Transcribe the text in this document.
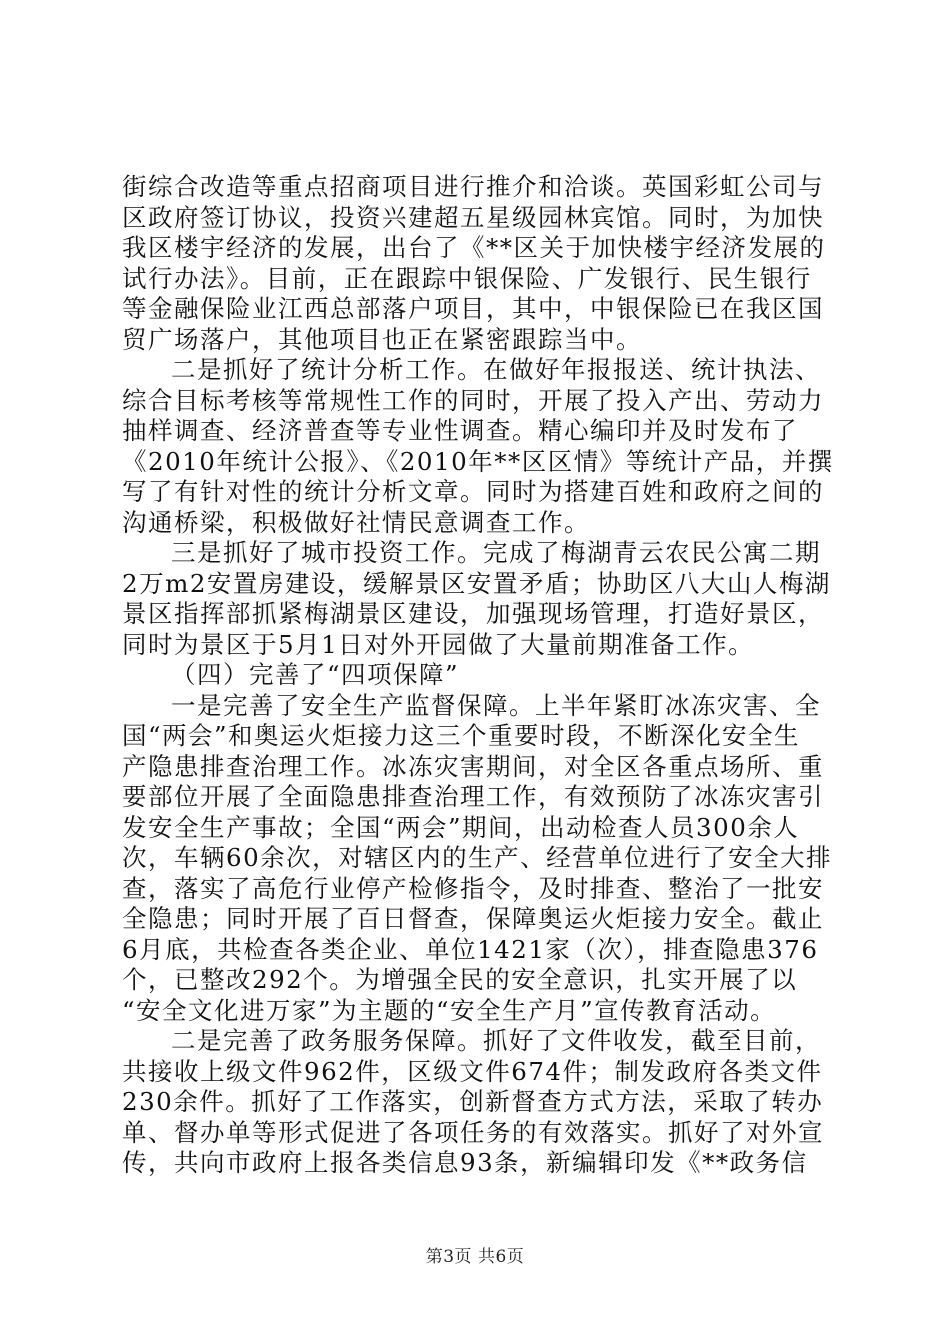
街综合改造等重点招商项目进行推介和洽谈。英国彩虹公司与
区政府签订协议，投资兴建超五星级园林宾馆。同时，为加快
我区楼宇经济的发展，出台了《**区关于加快楼宇经济发展的
试行办法》。目前，正在跟踪中银保险、广发银行、民生银行
等金融保险业江西总部落户项目，其中，中银保险已在我区国
贸广场落户，其他项目也正在紧密跟踪当中。
二是抓好了统计分析工作。在做好年报报送、统计执法、
综合目标考核等常规性工作的同时，开展了投入产出、劳动力
抽样调查、经济普查等专业性调查。精心编印并及时发布了
《2010年统计公报》、《2010年**区区情》等统计产品，并撰
写了有针对性的统计分析文章。同时为搭建百姓和政府之间的
沟通桥梁，积极做好社情民意调查工作。
三是抓好了城市投资工作。完成了梅湖青云农民公寓二期
2万m2安置房建设，缓解景区安置矛盾；协助区八大山人梅湖
景区指挥部抓紧梅湖景区建设，加强现场管理，打造好景区，
同时为景区于5月1日对外开园做了大量前期准备工作。
（四）完善了“四项保障”
一是完善了安全生产监督保障。上半年紧盯冰冻灾害、全
国“两会”和奥运火炬接力这三个重要时段，不断深化安全生
产隐患排查治理工作。冰冻灾害期间，对全区各重点场所、重
要部位开展了全面隐患排查治理工作，有效预防了冰冻灾害引
发安全生产事故；全国“两会”期间，出动检查人员300余人
次，车辆60余次，对辖区内的生产、经营单位进行了安全大排
查，落实了高危行业停产检修指令，及时排查、整治了一批安
全隐患；同时开展了百日督查，保障奥运火炬接力安全。截止
6月底，共检查各类企业、单位1421家（次），排查隐患376
个，已整改292个。为增强全民的安全意识，扎实开展了以
“安全文化进万家”为主题的“安全生产月”宣传教育活动。
二是完善了政务服务保障。抓好了文件收发，截至目前，
共接收上级文件962件，区级文件674件；制发政府各类文件
230余件。抓好了工作落实，创新督查方式方法，采取了转办
单、督办单等形式促进了各项任务的有效落实。抓好了对外宣
传，共向市政府上报各类信息93条，新编辑印发《**政务信
第3页 共6页
